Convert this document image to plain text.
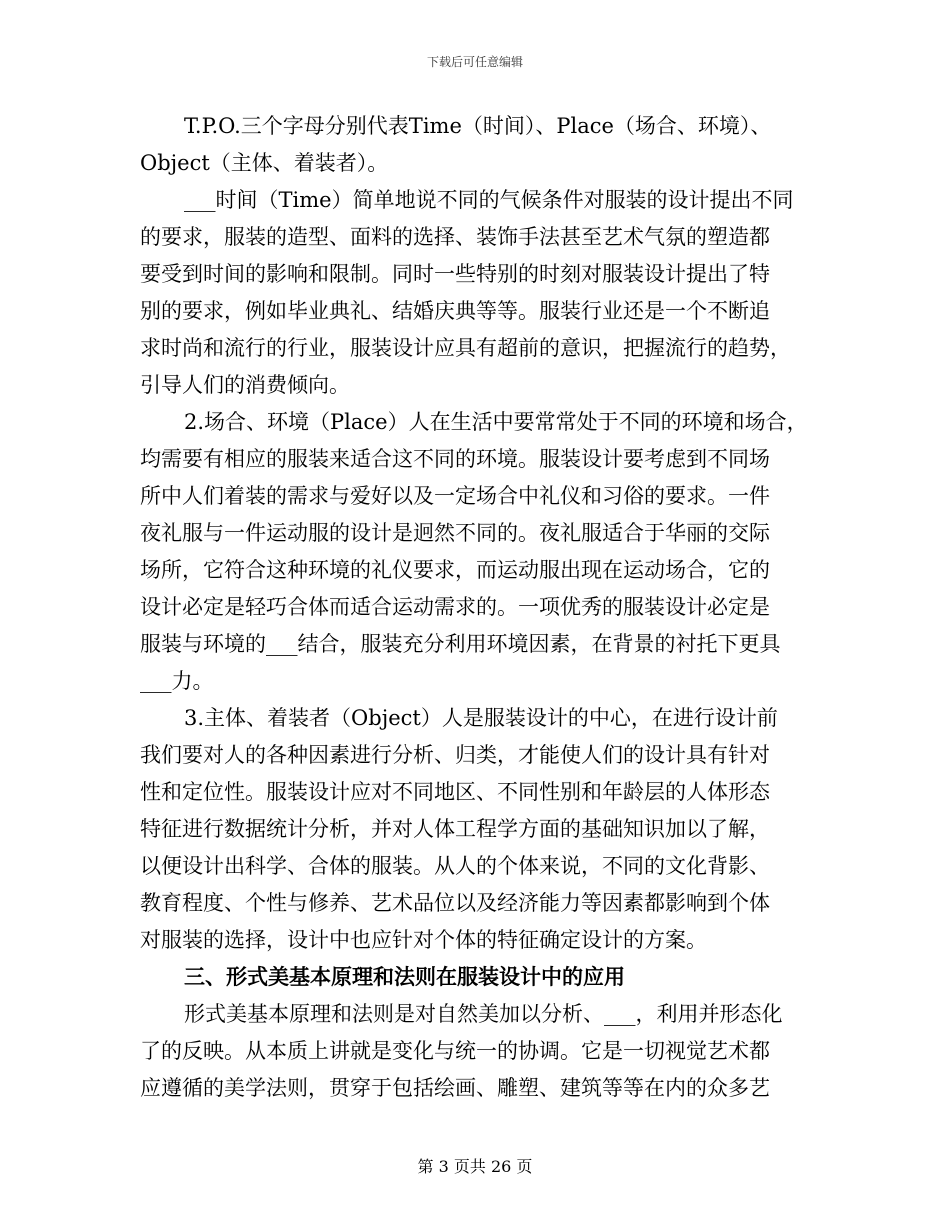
下载后可任意编辑
T.P.O.三个字母分别代表Time（时间）、Place（场合、环境）、
Object（主体、着装者）。
___时间（Time）简单地说不同的气候条件对服装的设计提出不同
的要求，服装的造型、面料的选择、装饰手法甚至艺术气氛的塑造都
要受到时间的影响和限制。同时一些特别的时刻对服装设计提出了特
别的要求，例如毕业典礼、结婚庆典等等。服装行业还是一个不断追
求时尚和流行的行业，服装设计应具有超前的意识，把握流行的趋势，
引导人们的消费倾向。
2.场合、环境（Place）人在生活中要常常处于不同的环境和场合，
均需要有相应的服装来适合这不同的环境。服装设计要考虑到不同场
所中人们着装的需求与爱好以及一定场合中礼仪和习俗的要求。一件
夜礼服与一件运动服的设计是迥然不同的。夜礼服适合于华丽的交际
场所，它符合这种环境的礼仪要求，而运动服出现在运动场合，它的
设计必定是轻巧合体而适合运动需求的。一项优秀的服装设计必定是
服装与环境的___结合，服装充分利用环境因素，在背景的衬托下更具
___力。
3.主体、着装者（Object）人是服装设计的中心，在进行设计前
我们要对人的各种因素进行分析、归类，才能使人们的设计具有针对
性和定位性。服装设计应对不同地区、不同性别和年龄层的人体形态
特征进行数据统计分析，并对人体工程学方面的基础知识加以了解，
以便设计出科学、合体的服装。从人的个体来说，不同的文化背影、
教育程度、个性与修养、艺术品位以及经济能力等因素都影响到个体
对服装的选择，设计中也应针对个体的特征确定设计的方案。
三、形式美基本原理和法则在服装设计中的应用
形式美基本原理和法则是对自然美加以分析、___，利用并形态化
了的反映。从本质上讲就是变化与统一的协调。它是一切视觉艺术都
应遵循的美学法则，贯穿于包括绘画、雕塑、建筑等等在内的众多艺
第 3 页共 26 页
